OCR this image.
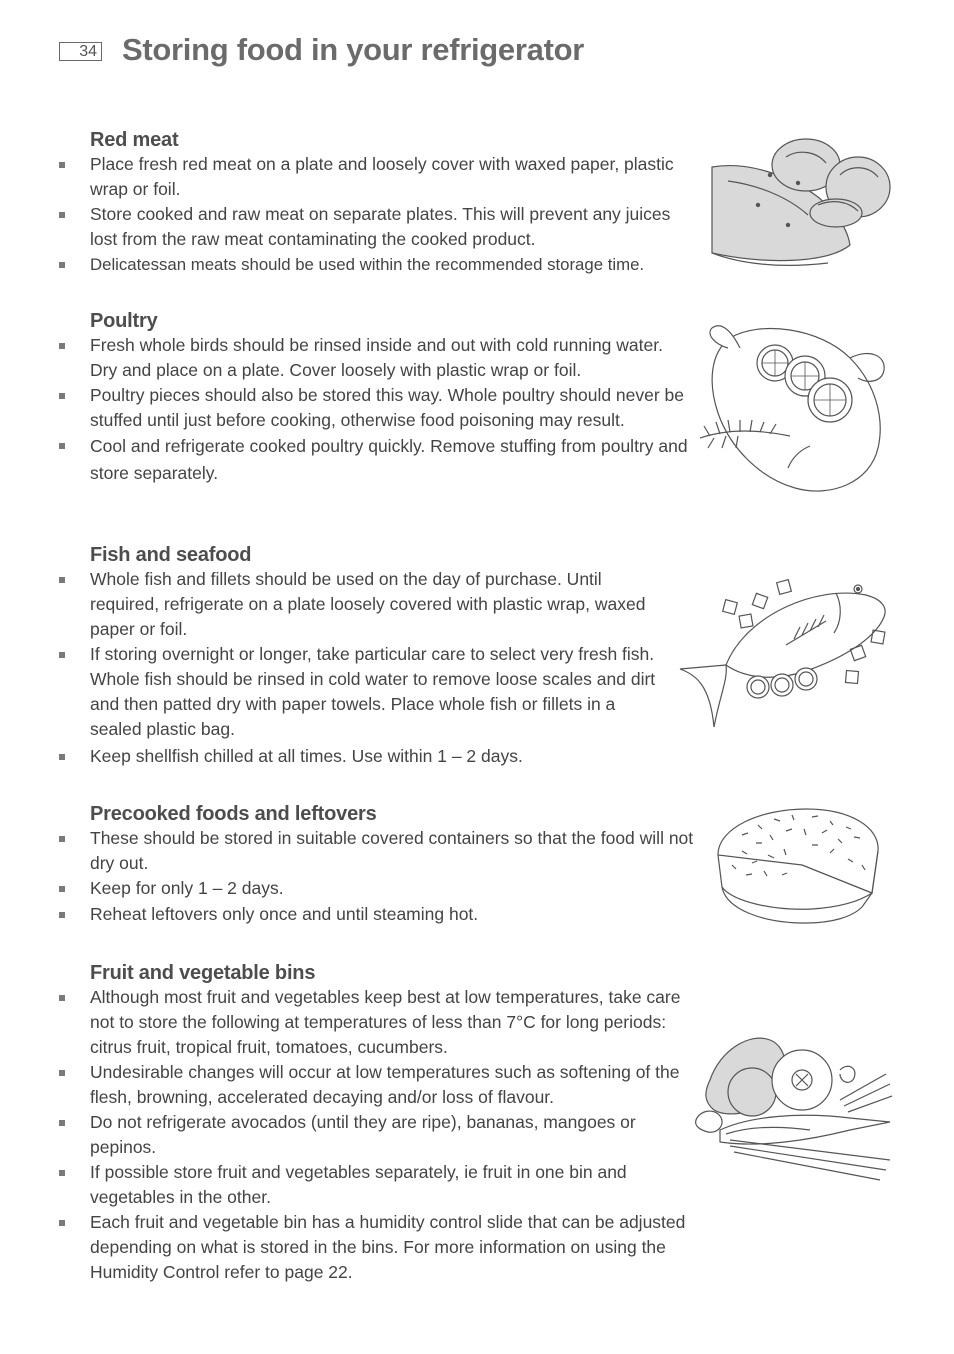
34 Storing food in your refrigerator
Red meat
Place fresh red meat on a plate and loosely cover with waxed paper, plastic wrap or foil.
Store cooked and raw meat on separate plates. This will prevent any juices lost from the raw meat contaminating the cooked product.
Delicatessan meats should be used within the recommended storage time.
Poultry
Fresh whole birds should be rinsed inside and out with cold running water. Dry and place on a plate. Cover loosely with plastic wrap or foil.
Poultry pieces should also be stored this way. Whole poultry should never be stuffed until just before cooking, otherwise food poisoning may result.
Cool and refrigerate cooked poultry quickly. Remove stuffing from poultry and store separately.
Fish and seafood
Whole fish and fillets should be used on the day of purchase. Until required, refrigerate on a plate loosely covered with plastic wrap, waxed paper or foil.
If storing overnight or longer, take particular care to select very fresh fish. Whole fish should be rinsed in cold water to remove loose scales and dirt and then patted dry with paper towels. Place whole fish or fillets in a sealed plastic bag.
Keep shellfish chilled at all times. Use within 1 – 2 days.
Precooked foods and leftovers
These should be stored in suitable covered containers so that the food will not dry out.
Keep for only 1 – 2 days.
Reheat leftovers only once and until steaming hot.
Fruit and vegetable bins
Although most fruit and vegetables keep best at low temperatures, take care not to store the following at temperatures of less than 7°C for long periods: citrus fruit, tropical fruit, tomatoes, cucumbers.
Undesirable changes will occur at low temperatures such as softening of the flesh, browning, accelerated decaying and/or loss of flavour.
Do not refrigerate avocados (until they are ripe), bananas, mangoes or pepinos.
If possible store fruit and vegetables separately, ie fruit in one bin and vegetables in the other.
Each fruit and vegetable bin has a humidity control slide that can be adjusted depending on what is stored in the bins. For more information on using the Humidity Control refer to page 22.
